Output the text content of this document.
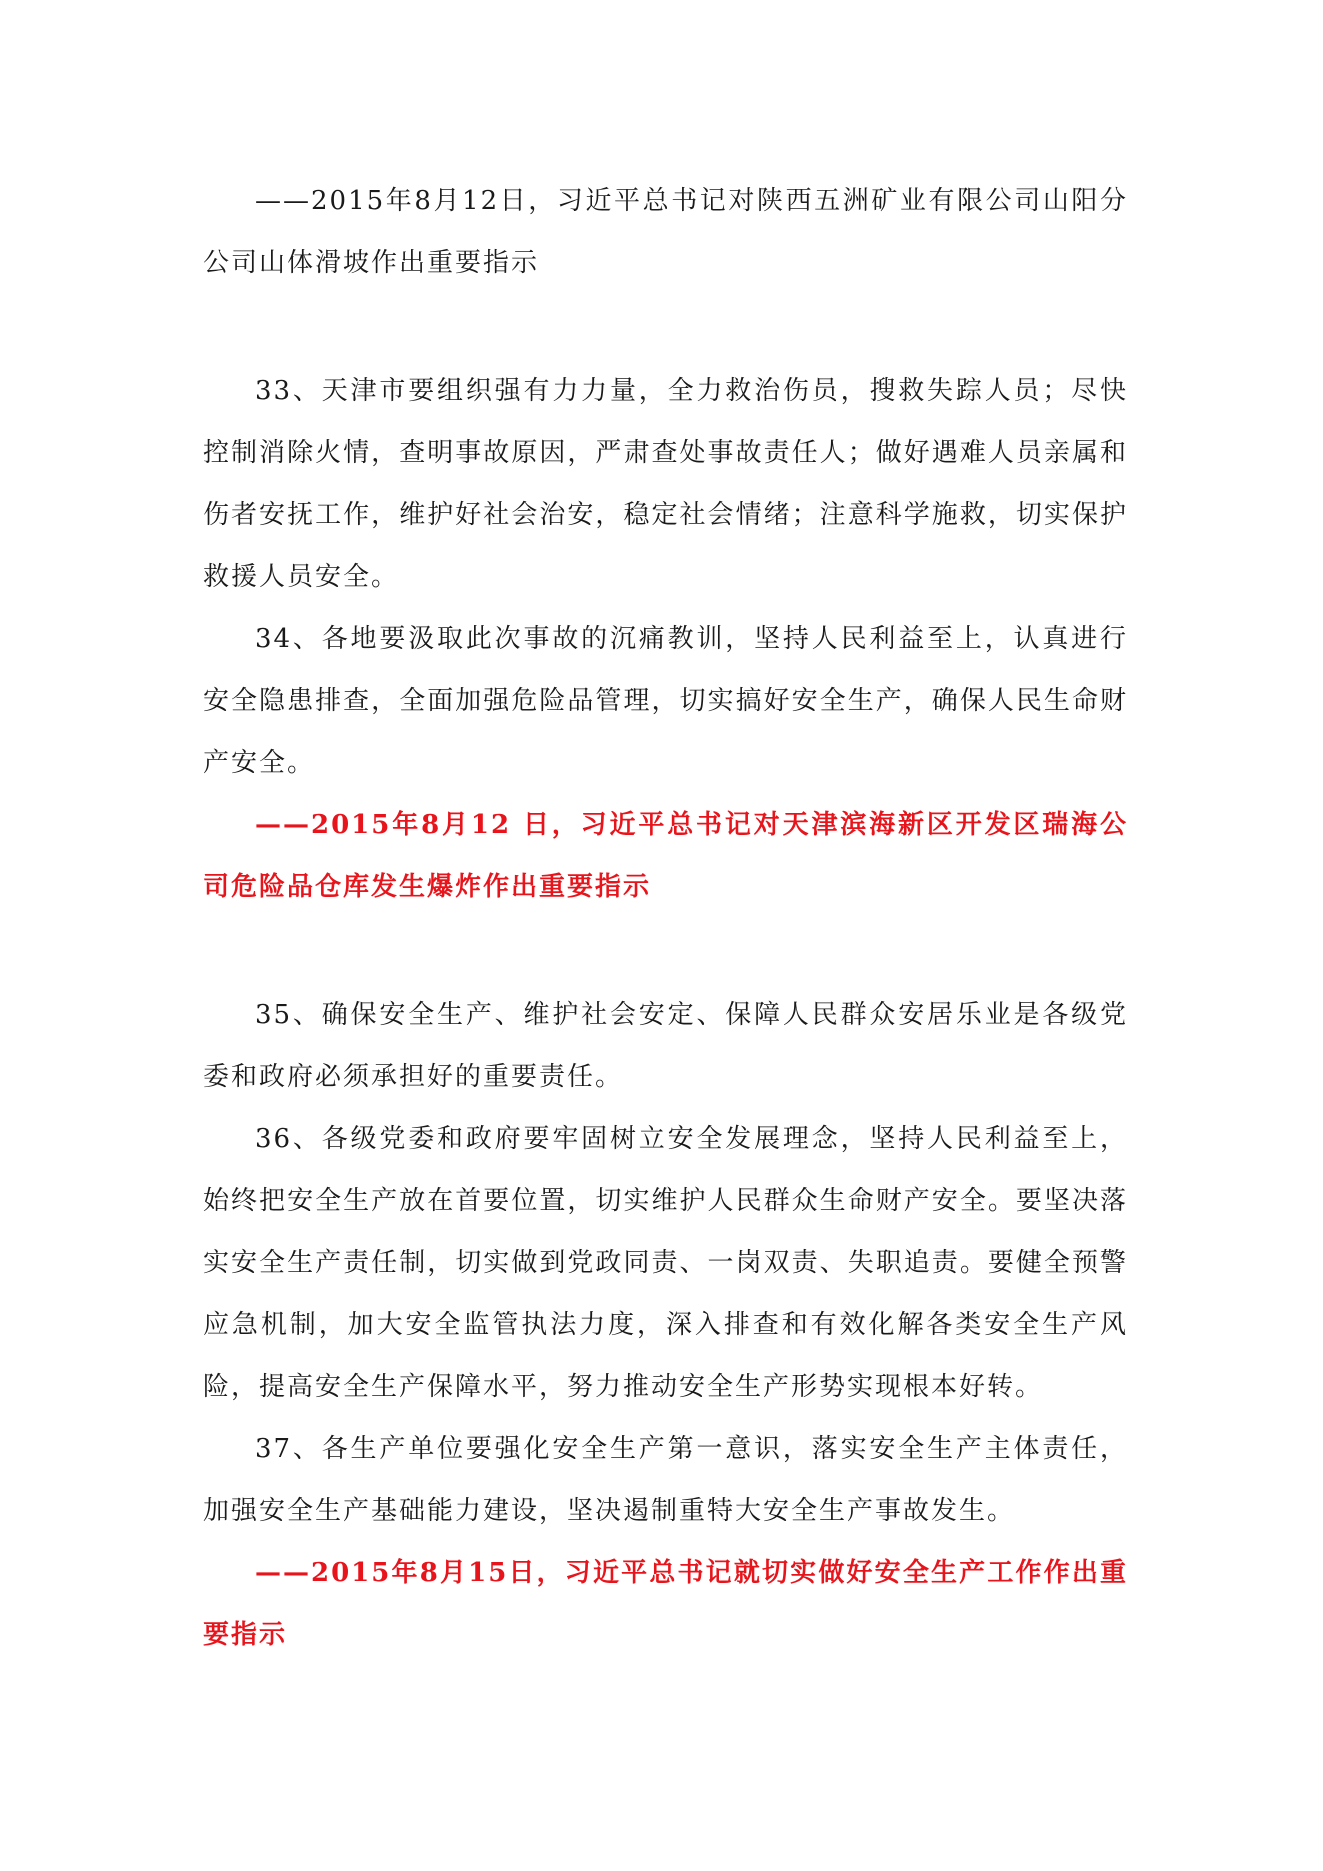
——2015年8月12日，习近平总书记对陕西五洲矿业有限公司山阳分公司山体滑坡作出重要指示

33、天津市要组织强有力力量，全力救治伤员，搜救失踪人员；尽快控制消除火情，查明事故原因，严肃查处事故责任人；做好遇难人员亲属和伤者安抚工作，维护好社会治安，稳定社会情绪；注意科学施救，切实保护救援人员安全。

34、各地要汲取此次事故的沉痛教训，坚持人民利益至上，认真进行安全隐患排查，全面加强危险品管理，切实搞好安全生产，确保人民生命财产安全。

——2015年8月12 日，习近平总书记对天津滨海新区开发区瑞海公司危险品仓库发生爆炸作出重要指示

35、确保安全生产、维护社会安定、保障人民群众安居乐业是各级党委和政府必须承担好的重要责任。

36、各级党委和政府要牢固树立安全发展理念，坚持人民利益至上，始终把安全生产放在首要位置，切实维护人民群众生命财产安全。要坚决落实安全生产责任制，切实做到党政同责、一岗双责、失职追责。要健全预警应急机制，加大安全监管执法力度，深入排查和有效化解各类安全生产风险，提高安全生产保障水平，努力推动安全生产形势实现根本好转。

37、各生产单位要强化安全生产第一意识，落实安全生产主体责任，加强安全生产基础能力建设，坚决遏制重特大安全生产事故发生。

——2015年8月15日，习近平总书记就切实做好安全生产工作作出重要指示
